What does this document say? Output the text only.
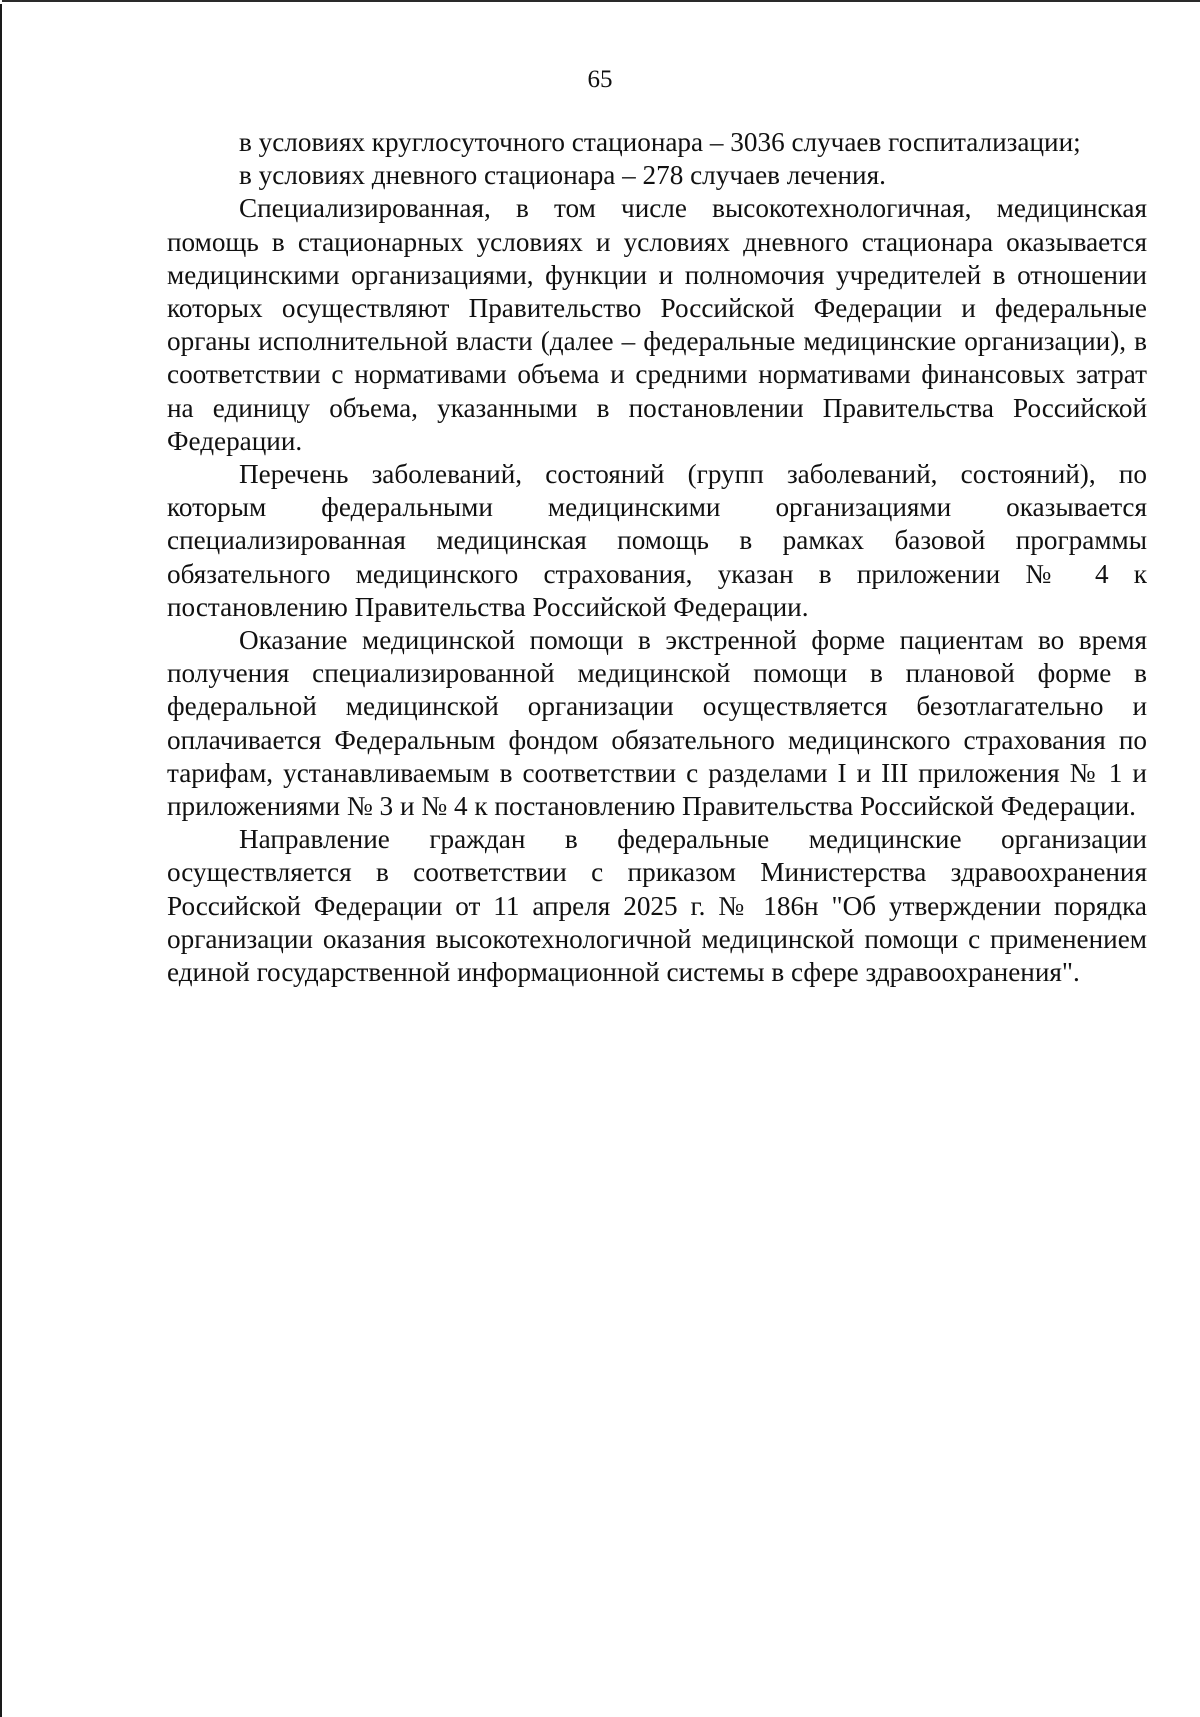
65

в условиях круглосуточного стационара – 3036 случаев госпитализации;

в условиях дневного стационара – 278 случаев лечения.

Специализированная, в том числе высокотехнологичная, медицинская помощь в стационарных условиях и условиях дневного стационара оказывается медицинскими организациями, функции и полномочия учредителей в отношении которых осуществляют Правительство Российской Федерации и федеральные органы исполнительной власти (далее – федеральные медицинские организации), в соответствии с нормативами объема и средними нормативами финансовых затрат на единицу объема, указанными в постановлении Правительства Российской Федерации.

Перечень заболеваний, состояний (групп заболеваний, состояний), по которым федеральными медицинскими организациями оказывается специализированная медицинская помощь в рамках базовой программы обязательного медицинского страхования, указан в приложении № 4 к постановлению Правительства Российской Федерации.

Оказание медицинской помощи в экстренной форме пациентам во время получения специализированной медицинской помощи в плановой форме в федеральной медицинской организации осуществляется безотлагательно и оплачивается Федеральным фондом обязательного медицинского страхования по тарифам, устанавливаемым в соответствии с разделами I и III приложения № 1 и приложениями № 3 и № 4 к постановлению Правительства Российской Федерации.

Направление граждан в федеральные медицинские организации осуществляется в соответствии с приказом Министерства здравоохранения Российской Федерации от 11 апреля 2025 г. № 186н "Об утверждении порядка организации оказания высокотехнологичной медицинской помощи с применением единой государственной информационной системы в сфере здравоохранения".
